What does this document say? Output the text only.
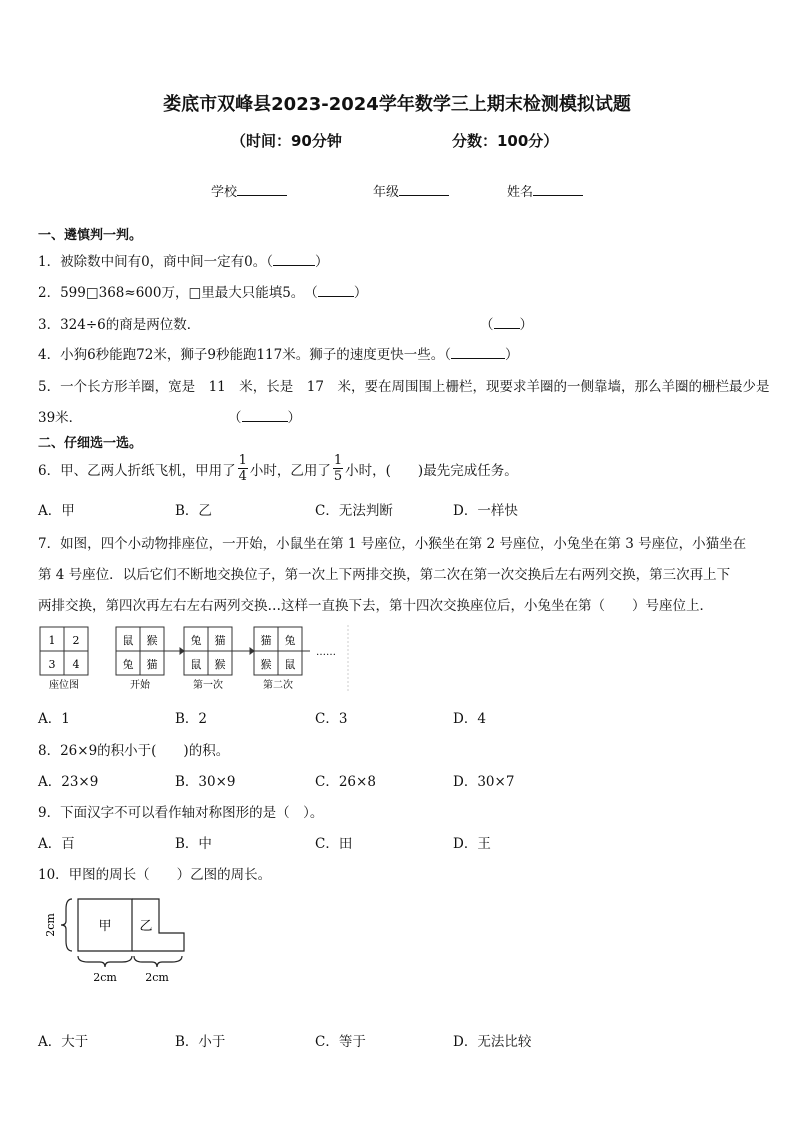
娄底市双峰县2023-2024学年数学三上期末检测模拟试题
（时间：90分钟	分数：100分）
学校	年级	姓名
一、遴慎判一判。
1．被除数中间有0，商中间一定有0。（	）
2．599□368≈600万，□里最大只能填5。　（	）
3．324÷6的商是两位数．	（ ）
4．小狗6秒能跑72米，狮子9秒能跑117米。狮子的速度更快一些。（	）
5．一个长方形羊圈，宽是　11　米，长是　17　米，要在周围围上栅栏，现要求羊圈的一侧靠墙，那么羊圈的栅栏最少是
39米．	（	）
二、仔细选一选。
6．甲、乙两人折纸飞机，甲用了 $\frac{1}{4}$ 小时，乙用了 $\frac{1}{5}$ 小时，(　　)最先完成任务。
A．甲	B．乙	C．无法判断	D．一样快
7．如图，四个小动物排座位，一开始，小鼠坐在第 1 号座位，小猴坐在第 2 号座位，小兔坐在第 3 号座位，小猫坐在
第 4 号座位．以后它们不断地交换位子，第一次上下两排交换，第二次在第一次交换后左右两列交换，第三次再上下
两排交换，第四次再左右左右两列交换…这样一直换下去，第十四次交换座位后，小兔坐在第（　　）号座位上．
……
1 2
3 4
鼠 猴
兔 猫
兔 猫
鼠 猴
猫 兔
猴 鼠
座位图	开始	第一次	第二次
A．1	B．2	C．3	D．4
8．26×9的积小于(　　)的积。
A．23×9	B．30×9	C．26×8	D．30×7
9．下面汉字不可以看作轴对称图形的是（　）。
A．百	B．中	C．田	D．王
10．甲图的周长（　　）乙图的周长。
甲 乙
2cm
2cm	2cm
A．大于	B．小于	C．等于	D．无法比较
